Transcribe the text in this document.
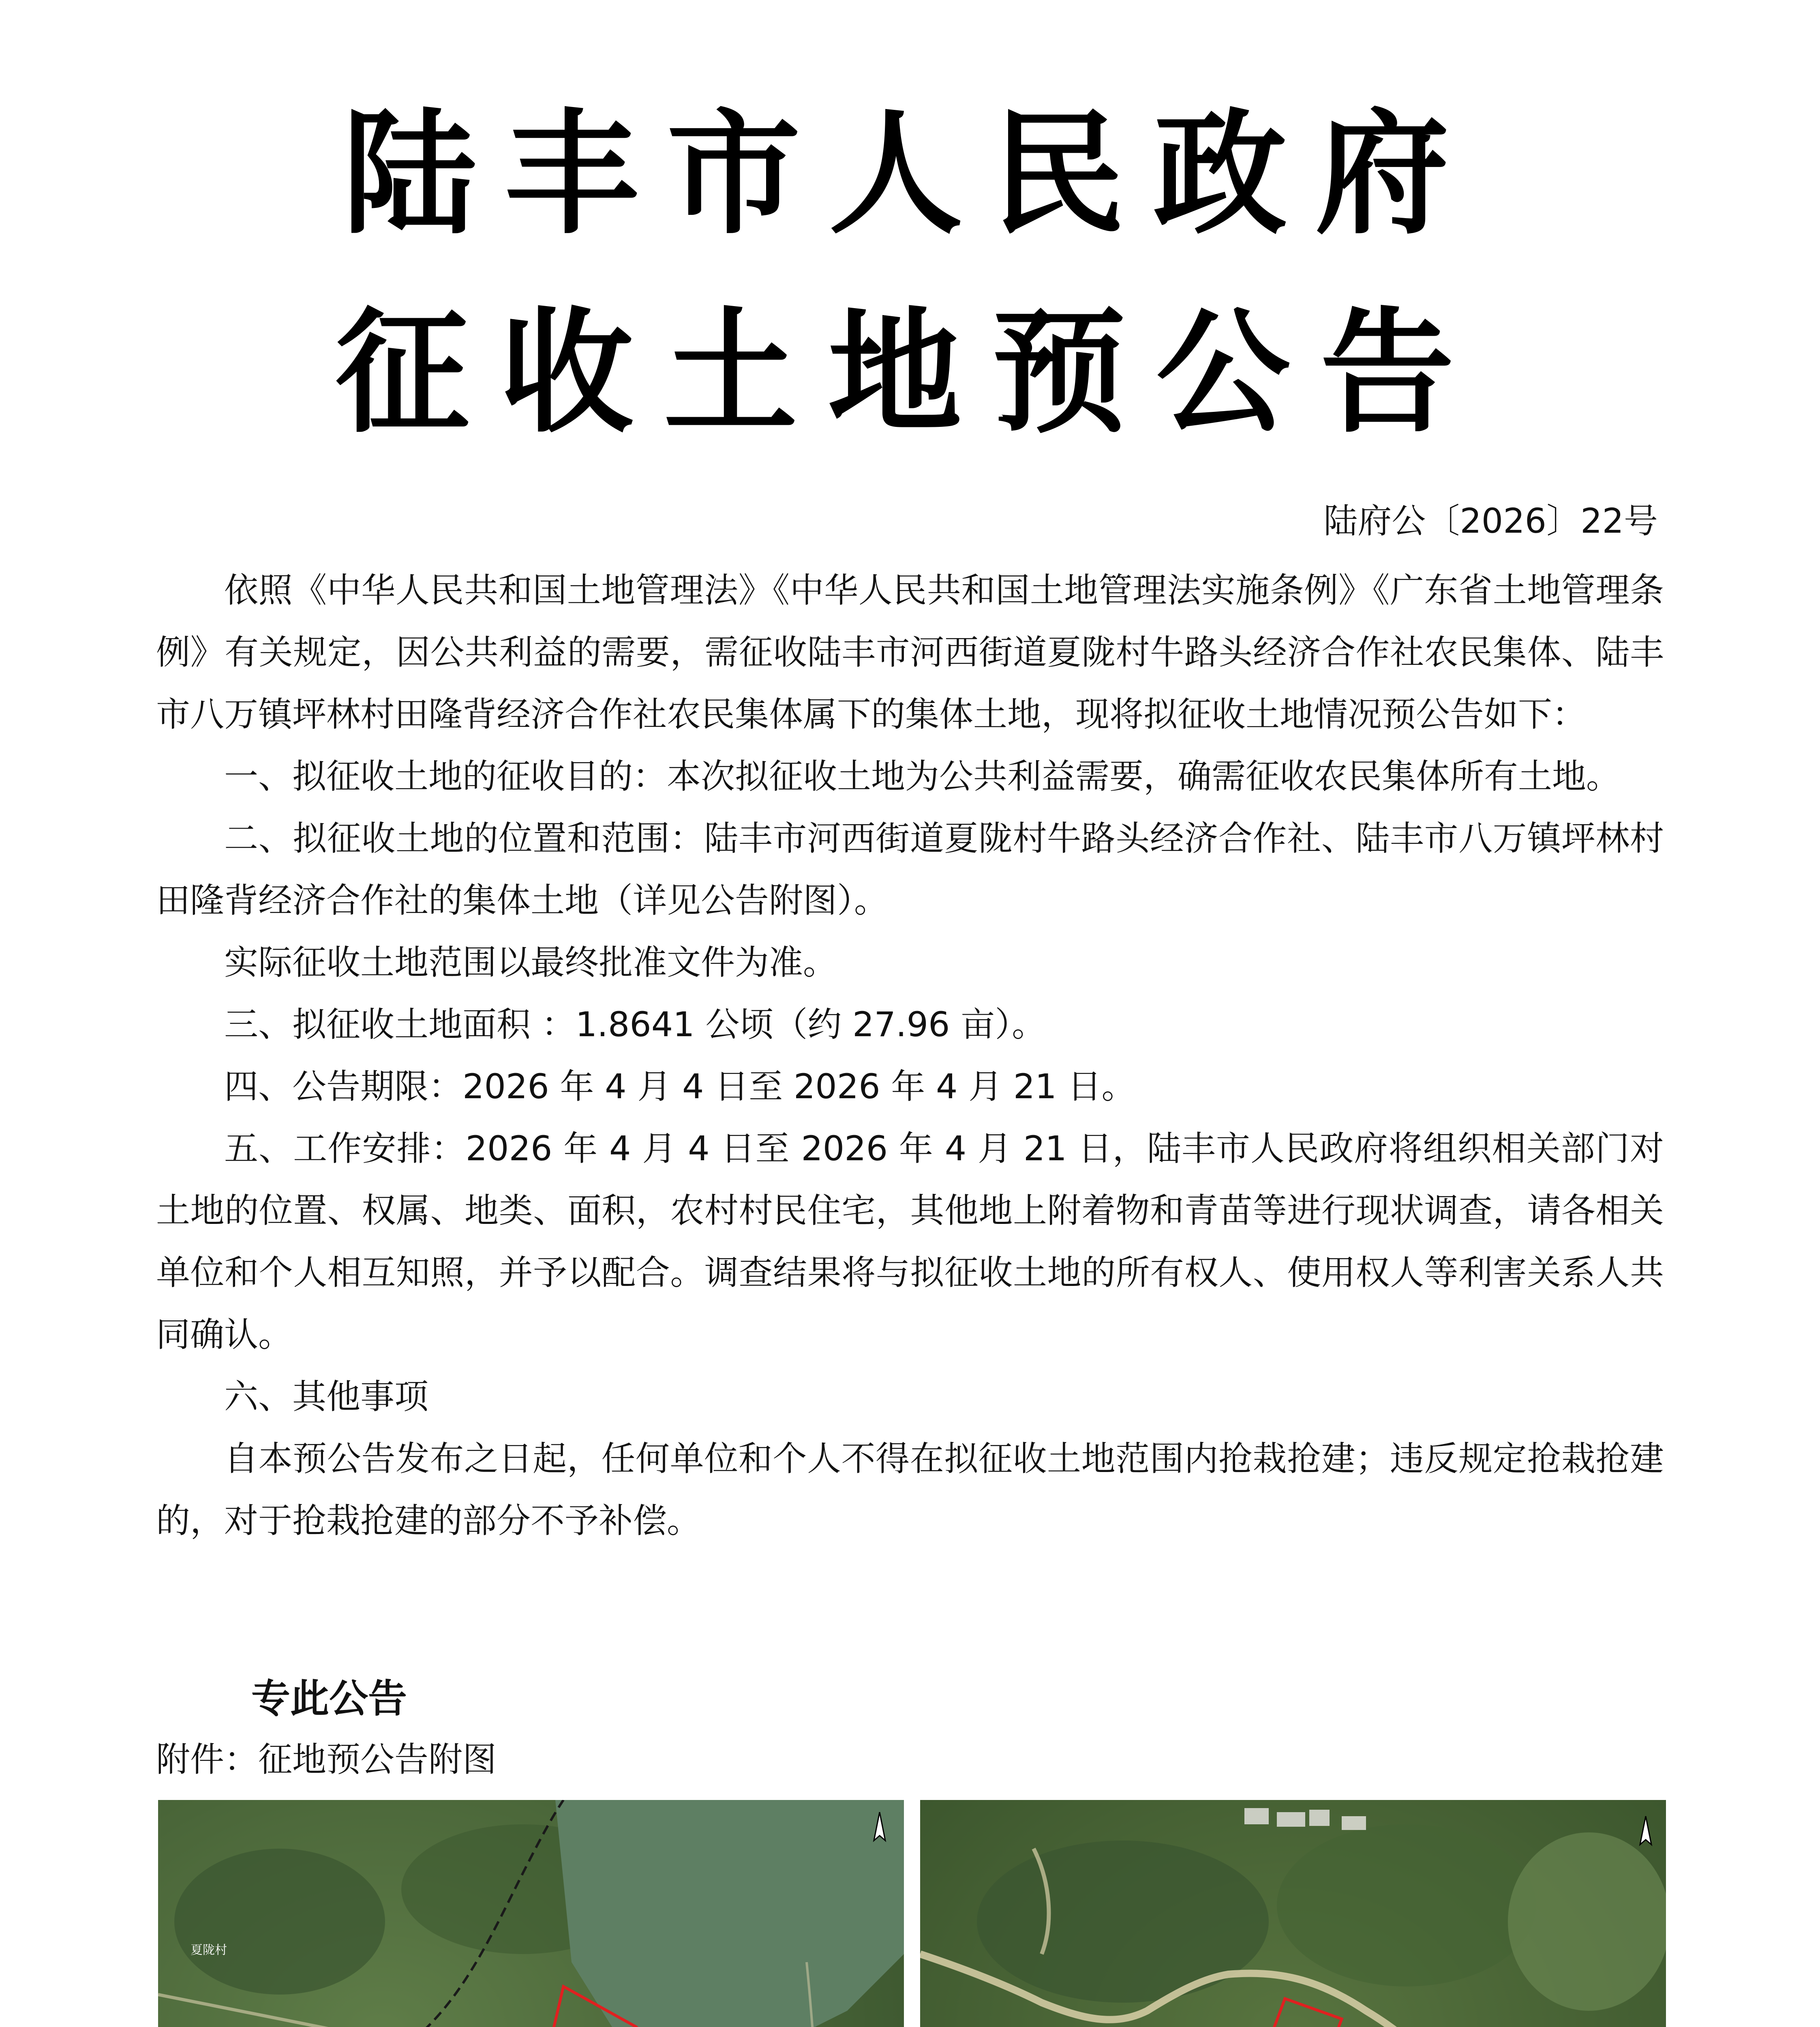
陆丰市人民政府
征收土地预公告
陆府公〔2026〕22号

依照《中华人民共和国土地管理法》《中华人民共和国土地管理法实施条例》《广东省土地管理条例》有关规定，因公共利益的需要，需征收陆丰市河西街道夏陇村牛路头经济合作社农民集体、陆丰市八万镇坪林村田隆背经济合作社农民集体属下的集体土地，现将拟征收土地情况预公告如下：

一、拟征收土地的征收目的：本次拟征收土地为公共利益需要，确需征收农民集体所有土地。

二、拟征收土地的位置和范围：陆丰市河西街道夏陇村牛路头经济合作社、陆丰市八万镇坪林村田隆背经济合作社的集体土地（详见公告附图）。

实际征收土地范围以最终批准文件为准。

三、拟征收土地面积 ：1.8641 公顷（约 27.96 亩）。

四、公告期限：2026 年 4 月 4 日至 2026 年 4 月 21 日。

五、工作安排：2026 年 4 月 4 日至 2026 年 4 月 21 日，陆丰市人民政府将组织相关部门对土地的位置、权属、地类、面积，农村村民住宅，其他地上附着物和青苗等进行现状调查，请各相关单位和个人相互知照，并予以配合。调查结果将与拟征收土地的所有权人、使用权人等利害关系人共同确认。

六、其他事项

自本预公告发布之日起，任何单位和个人不得在拟征收土地范围内抢栽抢建；违反规定抢栽抢建的，对于抢栽抢建的部分不予补偿。

专此公告
附件：征地预公告附图
夏陇村
